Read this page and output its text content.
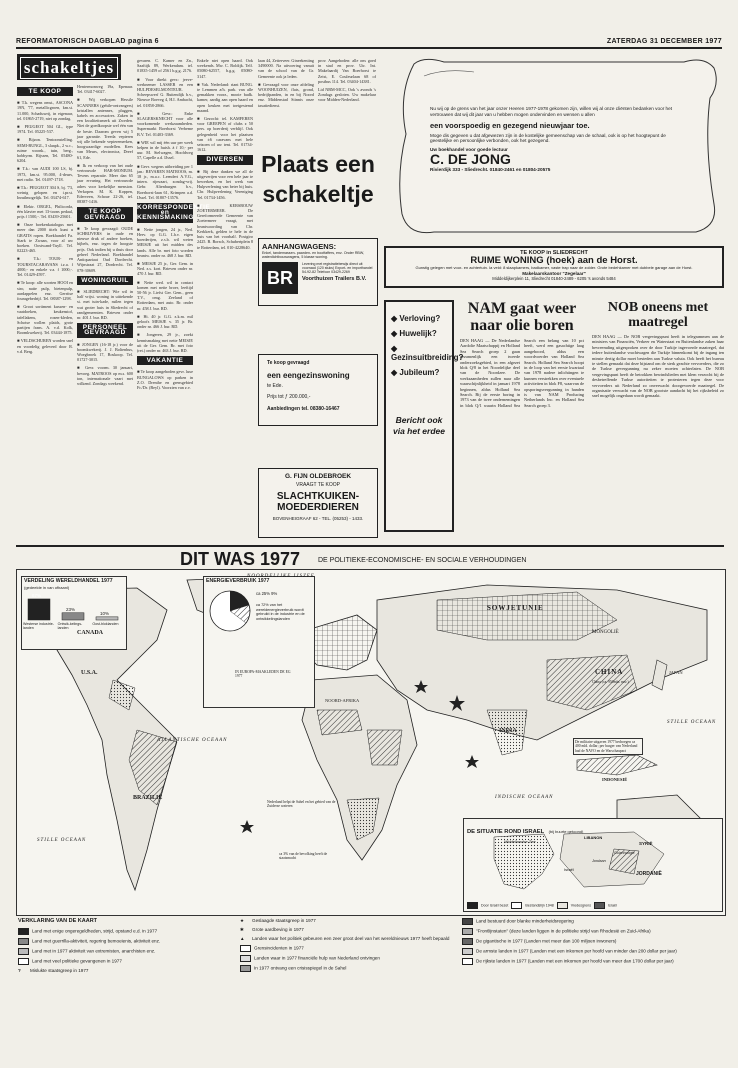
REFORMATORISCH DAGBLAD pagina 6	ZATERDAG 31 DECEMBER 1977
schakeltjes
TE KOOP

■ T.k. wegens omst., ASCONA 19N, '77, metallicgroen, km.st. 11.000, Schaduwrij, in eigenaar, tel. 01865-2719, niet op zondag.

■ PEUGEOT 504 GL, type 1974. Tel. 05225-537.

■ Bijzon. Tentoonstelling. SEMI-BUNGL, 3 slaapk., 2 w.c., ruime woonk., tuin, berg., hobbyrm. Rijssen, Tel. 05480-6204.

■ T.k.: van AUDI 100 LS, bj. 1973, km.st. 95.000, 4-deurs, met radio. Tel. 01497-1718.

■ T.k.: PEUGEOT 304 S, bj. '73, weinig gelopen en i.pr.st. Inruilmogelijk. Tel. 03474-617.

■ Elektr. ORGEL, Philicorda, één klavier met 13-toons pedaal, prijs f 1500,-. Tel. 03439-25601.

■ Onze boekenkatalogus met meer dan 2000 titels kunt u GRATIS ropen. Boekhandel Fa. Stark te Zwaan, voor al uw boeken. Oostwand-Tuyll. Tel. 02223-465.

■ T.k.: TOUR- en TOURSTACARAVANS i.z.a. f 4000,- en enkele v.a. f 1000,-. Tel. 01429-4597.

■ Te koop: alle soorten HOOI en stro, natte pulp, bietenpulp, aardappelen enz. Gerritse fouragebedrijf. Tel. 08387-1298.

■ Groot sortiment kussen- en vaatdoeken, keukenstof, tafellakens, rozen-kleden, Schotse wollen plaids, grote partijen frans. A. v.d. Kolk, Boomkwekerij. Tel. 03444-1875.

■ VELDSCHUREN worden snel en voordelig geleverd door R. v.d. Berg.

Hentermonweg 19a, Epenaar. Tel. 03417-6027.

■ Wij verkopen Hessile SCANNERS (gehile-ontvangers) kristallen antennes, pluggen, kabels en accessoires. Zaken in een kwaliteitsmerk uit Zweden. Niet de goedkoopste wel één van de beste. Daarom geven wij 5 jaar garantie. Treeda vepieren wij alle bekende vepieremerken, hoogwaardige modellen. Kees van Meurs, electronica, Dreef 61, Ede.

■ Ik en verkoop van het oude vertrouwde HAR-MONIUM. Tevens reparatie. Meer dan 65 jaar ervaring. Het vertrouwde adres voor kerkelijke mension. Verkopen. M. K. Koppen, Ederveen, Schoae 22-26, tel. 08387-1416.

TE KOOP GEVRAAGD

■ Te koop gevraagd: OUDE SCHRIJVERS in oude en nieuwe druk of andere boeken, bijbels, enz. tegen de hoogste prijs. Ook indien bij u thuis door geheel Nederland. Boekhandel Antiquariaat Oud Dordrecht. Wijnstraat 27, Dordrecht. Tel. 078-30609.

WONINGRUIL

■ SLIEDRECHT: Wie wil in half vrijst. woning in uittekende st. met tuin-kade, ruilen tegen wat groter huis in Sliedrecht of randgemeenten. Brieven onder nr. 401 J. bur. RD.

PERSONEEL GEVRAAGD

■ JONGEN (16-18 jr.) voor de boomkwekerij. J. J. Boltenbus, Woegbroek 17, Boskoop. Tel. 01727-3015.

■ Gevr. voorm. 30 januari, bevoeg. MATROOS op m.s. 600 ton, internationale vaart met wilkend. Zondags weekend.

gevaren. C. Kamer en Zn., Saaftijk 89, Werkendam. tel. 01835-1459 of 2561 b.g.g. 2176.

■ Voor direkt gevr.: jeeve-werknemer LASSER en een HULPDESELMONTEUR. Scheepswerf G. Buitendijk b.v., Nieuwe Boeveg 4, H.I. Ambacht, tel. 01858-2866.

■ Gevr.: Enke SLAGERSKNECHT voor alle voorkomende werkzaamheden. Supermarkt Boerhorst Verbeme B.V. Tel. 01403-3369.

■ WIE wil mij één uur per week helpen in de huish. à f 10,- per uur. M. Stelwagen, Hoofdweg 57, Capelle a.d. IJssel.

■ Gevr. wegens uitbreiding per 1 jan.: BEVAREN MATROOS, m. 18 jr., m.a.c. Leendert A.V.G., intern. rijnvaart, zondag-vrij. Gebr. Altenburgen b.v., Boerhorst-laan 61, Krimpen a.d. IJssel. Tel. 01807-13576.

KORRESPONDENTIE en KENNISMAKING

■ Nette jongen, 24 jr., Ned. Herv. op G.G. Lh.v. eigen boerderijen, z.s.b. wil weten MEISJE uit het midden des lands. Alle br. met foto worden beantw. onder nr. 468 J. bur. RD.

■ MEISJE 25 jr., Ger. Gem. in Ned. z.s. kort. Brieven onder nr. 470 J. bur. RD.

■ Nette wed. wil in contact komen met nette broer, leeftijd 50-56 jr. Liefst Ger. Gem., geen T.V., omg. Zeeland of Rotterdam, met auto. Br. onder nr. 458 J. bur. RD.

■ Ht. 40 jr. G.G. z.k.m. mil geloofs MEISJE v. 35 jr. Br. onder nr. 466 J. bur. RD.

■ Jongeren, 29 jr., zoekt kennismaking met nette MEISJE uit de Ger. Gem. Br. met foto (ret.) onder nr. 463 J. bur. RD.

VAKANTIE

■ Te koop aangeboden gevr. luxe BUNGALOWS op parken in Z.O. Drenthe en grensgebied Fr./Dr. (Beyl). Voorzien van z.v.

Enkele niet open haard. Ook weekends. Mw. C. Boldijk. Telf. 05080-62557, b.g.g. 05080-3147.

■ Vak. Nederland: riant BUNG. te Lemmen a/h. park. van alle gemakken voorz., mooie badk. kamer, aardig aan open haard en open keuken met toetgestemd maand.

■ Gezocht: tel. KAMFEREN voor GREEPEN of clubs z 50 pers. op boerderij verblijf. Ook gelegenheid voor het plaatsen van ±6 caravans met hele seizoen of uw tent. Tel. 01734-1612.

DIVERSEN

■ Bij deze danken we all de uitgeverijen voor een hele jaar te bewerken, en het werk van Hulpverlening van beter bij huis. Chr. Hulpverlening Vereniging Tel. 01734-1456.

■ KERSBOUW ZOETERMEER. De Gereformeerde Gemeente van Zoetermeer vraagt, met beantwoording van Chr. Kerkkerk, gelden te hele in de huis van het voorhalf. Postgiro 2425. B. Borsch, Schubertplein 8 te Rotterdam, tel. 010-4228640.

laan 44, Zetterveer. Gineekeniing 3490000. Na uitvoering vanuit van de school van de Gr. Gemeente ook ja leden.

■ Gevraagd voor onze afdeling WOONHUIZEN, flats, grond, bedrijfpanden, in en bij Noord enz. Middenstad Stinnis onze taxatiedienst.

prov. Aangeboden: alle ons goed in stad en prov. Utr. Int. Makelaardij Van Boerhorst te Zeist, E. Couleurlaan 68 of postbus 114. Tel. 03404-14381.

Lid NBM-MCC, Ook 's avonds 's Zondags gesloten. Uw makelaar voor Midden-Nederland.

Plaats een
schakeltje
AANHANGWAGENS:
Enkel, tandemassen- paarden- en bootfaffers, enz. Onder RBW, waterdichtbouwwagens, 5 klasse woning.
BR
Levering met registratiebewijs direct uit voorraad (120 stuks) Export- en importhandel 54-92-82 Telefoon 03429-2269
Voorthuizen Trailers B.V.
Te koop gevraagd
een eengezinswoning
te Ede.
Prijs tot ƒ 200.000,-
Aanbiedingen tel. 08380-16467
G. FIJN OLDEBROEK
VRAAGT TE KOOP
SLACHTKUIKEN-MOEDERDIEREN
BOVENHEIGRAAF 62 - TEL. (05253) - 1433.
Nu wij op de grens van het jaar onzer Heeren 1977-1978 gekomen zijn, willen wij al onze cliënten bedanken voor het vertrouwen dat wij dit jaar van u hebben mogen ondervinden en wensen u allen
een voorspoedig en gezegend nieuwjaar toe.
Moge dis gegeven u dat afgewezen zijn in de kostelijke gemeenschap van de schaal, ook is op het hoogtepunt de geestelijke en persoonlijke verbonden, ook het gezegend.
Uw boekhandel voor goede lectuur
C. DE JONG
Rivierdijk 333 - Sliedrecht. 01840-2461 en 01804-20575
TE KOOP in SLIEDRECHT
RUIME WONING (hoek) aan de Horst.
Gunstig gelegen met voor- en achtertuin. Ia veld: 8 slaapkamers, badkamer, vaste trap naar de zolder. Grote bedehkamer met dubbele garage aan de Horst.
Makelaarskantoor "Zegelaar"
Middeldijkerplein 11, Sliedrecht 01840-2489 - 6205 's avonds 5484
◆ Verloving?
◆ Huwelijk?
◆ Gezinsuitbreiding?
◆ Jubileum?
Bericht ook via het erdee
NAM gaat weer naar olie boren
DEN HAAG — De Nederlandse Aardolie Maatschappij en Holland Sea Search groep 2 gaan gezamenlijk een tweede onderzoeksgebied, in een afgezet blok Q/8 in het Noordelijke deel van de Noordzee. De werkzaamheden zullen naar alle waarschijnlijkheid in januari 1978 beginnen, aldus Holland Sea Search. Bij de eerste boring in 1973 van de twee ondernemingen in blok Q/1 waarin Holland Sea Search een belang van 10 pct heeft, werd een gasachtige laag aangeboord, aldus een woordvoerder van Holland Sea Search. Holland Sea Search hoopt in de loop van het eerste kwartaal van 1978 nadere inlichtingen te kunnen verstrekken over eventuele activiteiten in blok F8, waarvan de opsporingsvergunning in handen is van NAM Producing Netherlands Inc. en Holland Sea Search groep 3.
NOB oneens met maatregel
DEN HAAG — De NOB vergevingspunt heeft in telegrammen aan de ministers van Financiën, Verkeer en Waterstaat en Buitenlandse zaken haar bevreemding uitgesproken over de door Turkije ingevoerde maatregel, dat iedere buitenlandse vrachtwagen die Turkije binnenkomt bij de ingang ten minste dertig dollar moet besteden aan Turkse valuta. Ook heeft het bureau te stellen gemaakt dat deze bijstand om de sterk geachte vervoerders, die zo de Turkse gevergunning nu zeker moeten achterlaten. De NOB vergevingspunt heeft de betrokken bewindslieden met klem verzocht bij de desbetreffende Turkse autoriteiten te protesteren tegen deze voor vervoerders uit Nederland zo onverwacht doorgevoerde maatregel. De organisatie verwacht van de NOB grootste aandacht bij het rijksbeleid zo snel mogelijk ongedaan wordt gemaakt.
DIT WAS 1977	DE POLITIEKE-ECONOMISCHE- EN SOCIALE VERHOUDINGEN
VERDELING WERELDHANDEL 1977
(gedeelde in van ofhaanl)
67%
23%
10%
Westerse industrie-landen
Ontwik-kelings-landen
Oost-bloklanden
ENERGIEVERBRUIK 1977
ca 25% 9%
ca 72% van het wereldenergieverbruik wordt gebruikt in de industrie en de ontwikkelingslanden
NOORDELIJKE IJSZEE
ATLANTISCHE OCEAAN
STILLE OCEAAN
INDISCHE OCEAAN
STILLE OCEAAN
SOWJETUNIE
CHINA
INDIA
BRAZILIË
MONGOLIË
CANADA
U.S.A.
NOORD-AFRIKA
JAPAN
INDONESIË
IN EUROPA-MAAKLEDEN DE EG 1977
China (ca. 950mln. mw.)
Nederland helpt de Sahel en het gebied van de Zuiderse wateren
ca 3% van de bevolking heeft de staatsmacht
De militaire uitgaven 1977 bedroegen ca 400 mld. dollar; per burger van Nederland had de NAVO en de Warschaupact
DE SITUATIE ROND ISRAEL (bij buurte getoond)
Middellandse Zee
LIBANON
SYRIË
Jordaan
JORDANIË
Israël
Golanhoogte
Door Israël bezet	Bestandslijn 1948	Vredesgrens	Israël
VERKLARING VAN DE KAART
Land met enige ongeregeldheden, strijd, opstand e.d. in 1977
Land met guerrilla-aktiviteit, regering bemoeienis, aktiviteit enz.
Land met in 1977 aktiviteit van extremisten, anarchisten enz.
Land met veel politieke gevangenen in 1977
? Mislukte staatsgreep in 1977
★ Geslaagde staatsgreep in 1977
✱ Grote aardbeving in 1977
▲ Landen waar het politiek gebeuren een zeer groot deel van het wereldnieuws 1977 heeft bepaald
Grensincidenten in 1977
Landen waar in 1977 financiële hulp van Nederland ontvingen
In 1977 ontvang een crisisspiegel in de Sahel
Land bestuurd door blanke minderheidsregering
"Frontlijnstaten" (deze landen liggen in de politieke strijd van Rhodesië en Zuid-Afrika)
De gigantische in 1977 (Landen met meer dan 100 miljoen inwoners)
De armste landen in 1977 (Landen met een inkomen per hoofd van minder dan 200 dollar per jaar)
De rijkste landen in 1977 (Landen met een inkomen per hoofd van meer dan 1700 dollar per jaar)
